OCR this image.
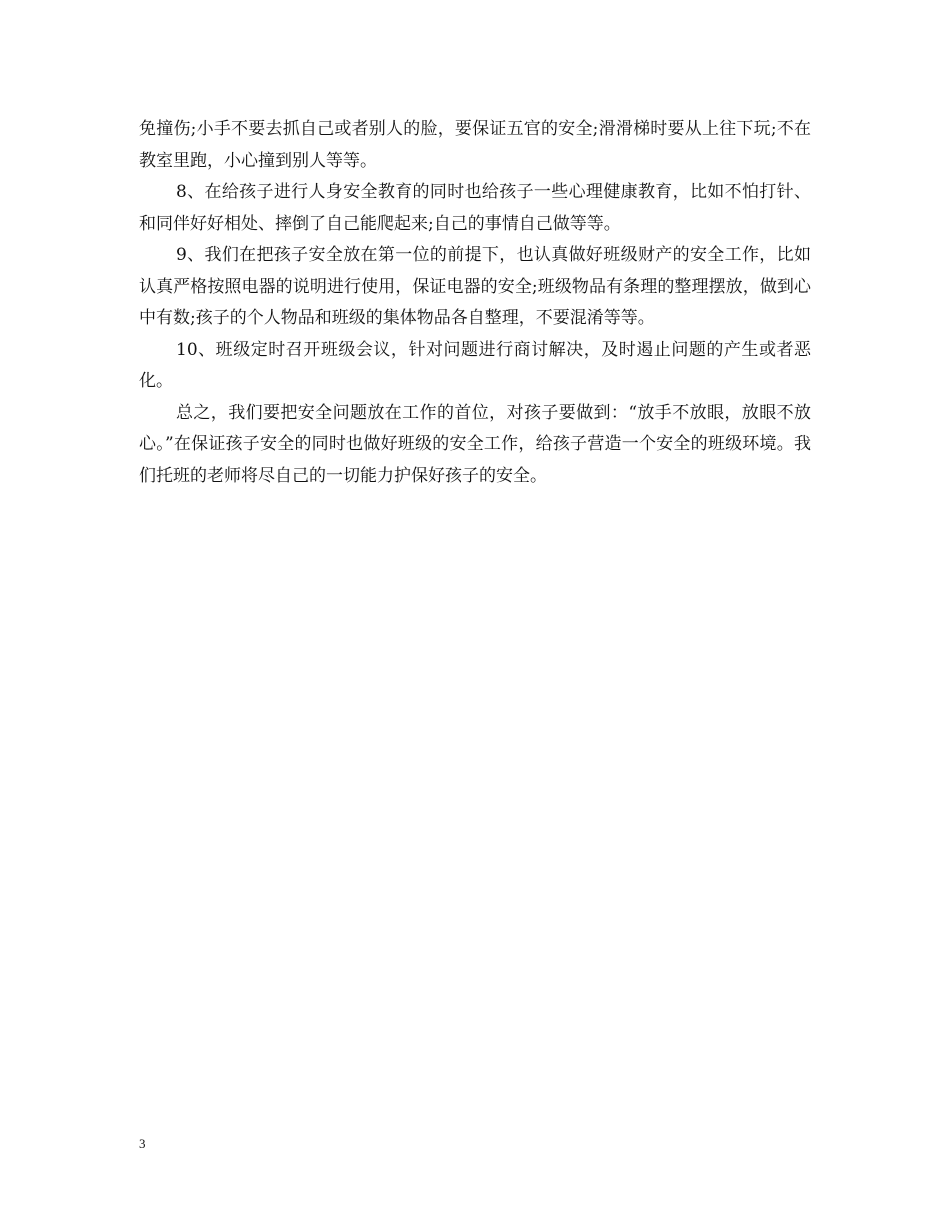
免撞伤;小手不要去抓自己或者别人的脸，要保证五官的安全;滑滑梯时要从上往下玩;不在教室里跑，小心撞到别人等等。

8、在给孩子进行人身安全教育的同时也给孩子一些心理健康教育，比如不怕打针、和同伴好好相处、摔倒了自己能爬起来;自己的事情自己做等等。

9、我们在把孩子安全放在第一位的前提下，也认真做好班级财产的安全工作，比如认真严格按照电器的说明进行使用，保证电器的安全;班级物品有条理的整理摆放，做到心中有数;孩子的个人物品和班级的集体物品各自整理，不要混淆等等。

10、班级定时召开班级会议，针对问题进行商讨解决，及时遏止问题的产生或者恶化。

总之，我们要把安全问题放在工作的首位，对孩子要做到：“放手不放眼，放眼不放心。”在保证孩子安全的同时也做好班级的安全工作，给孩子营造一个安全的班级环境。我们托班的老师将尽自己的一切能力护保好孩子的安全。

3
